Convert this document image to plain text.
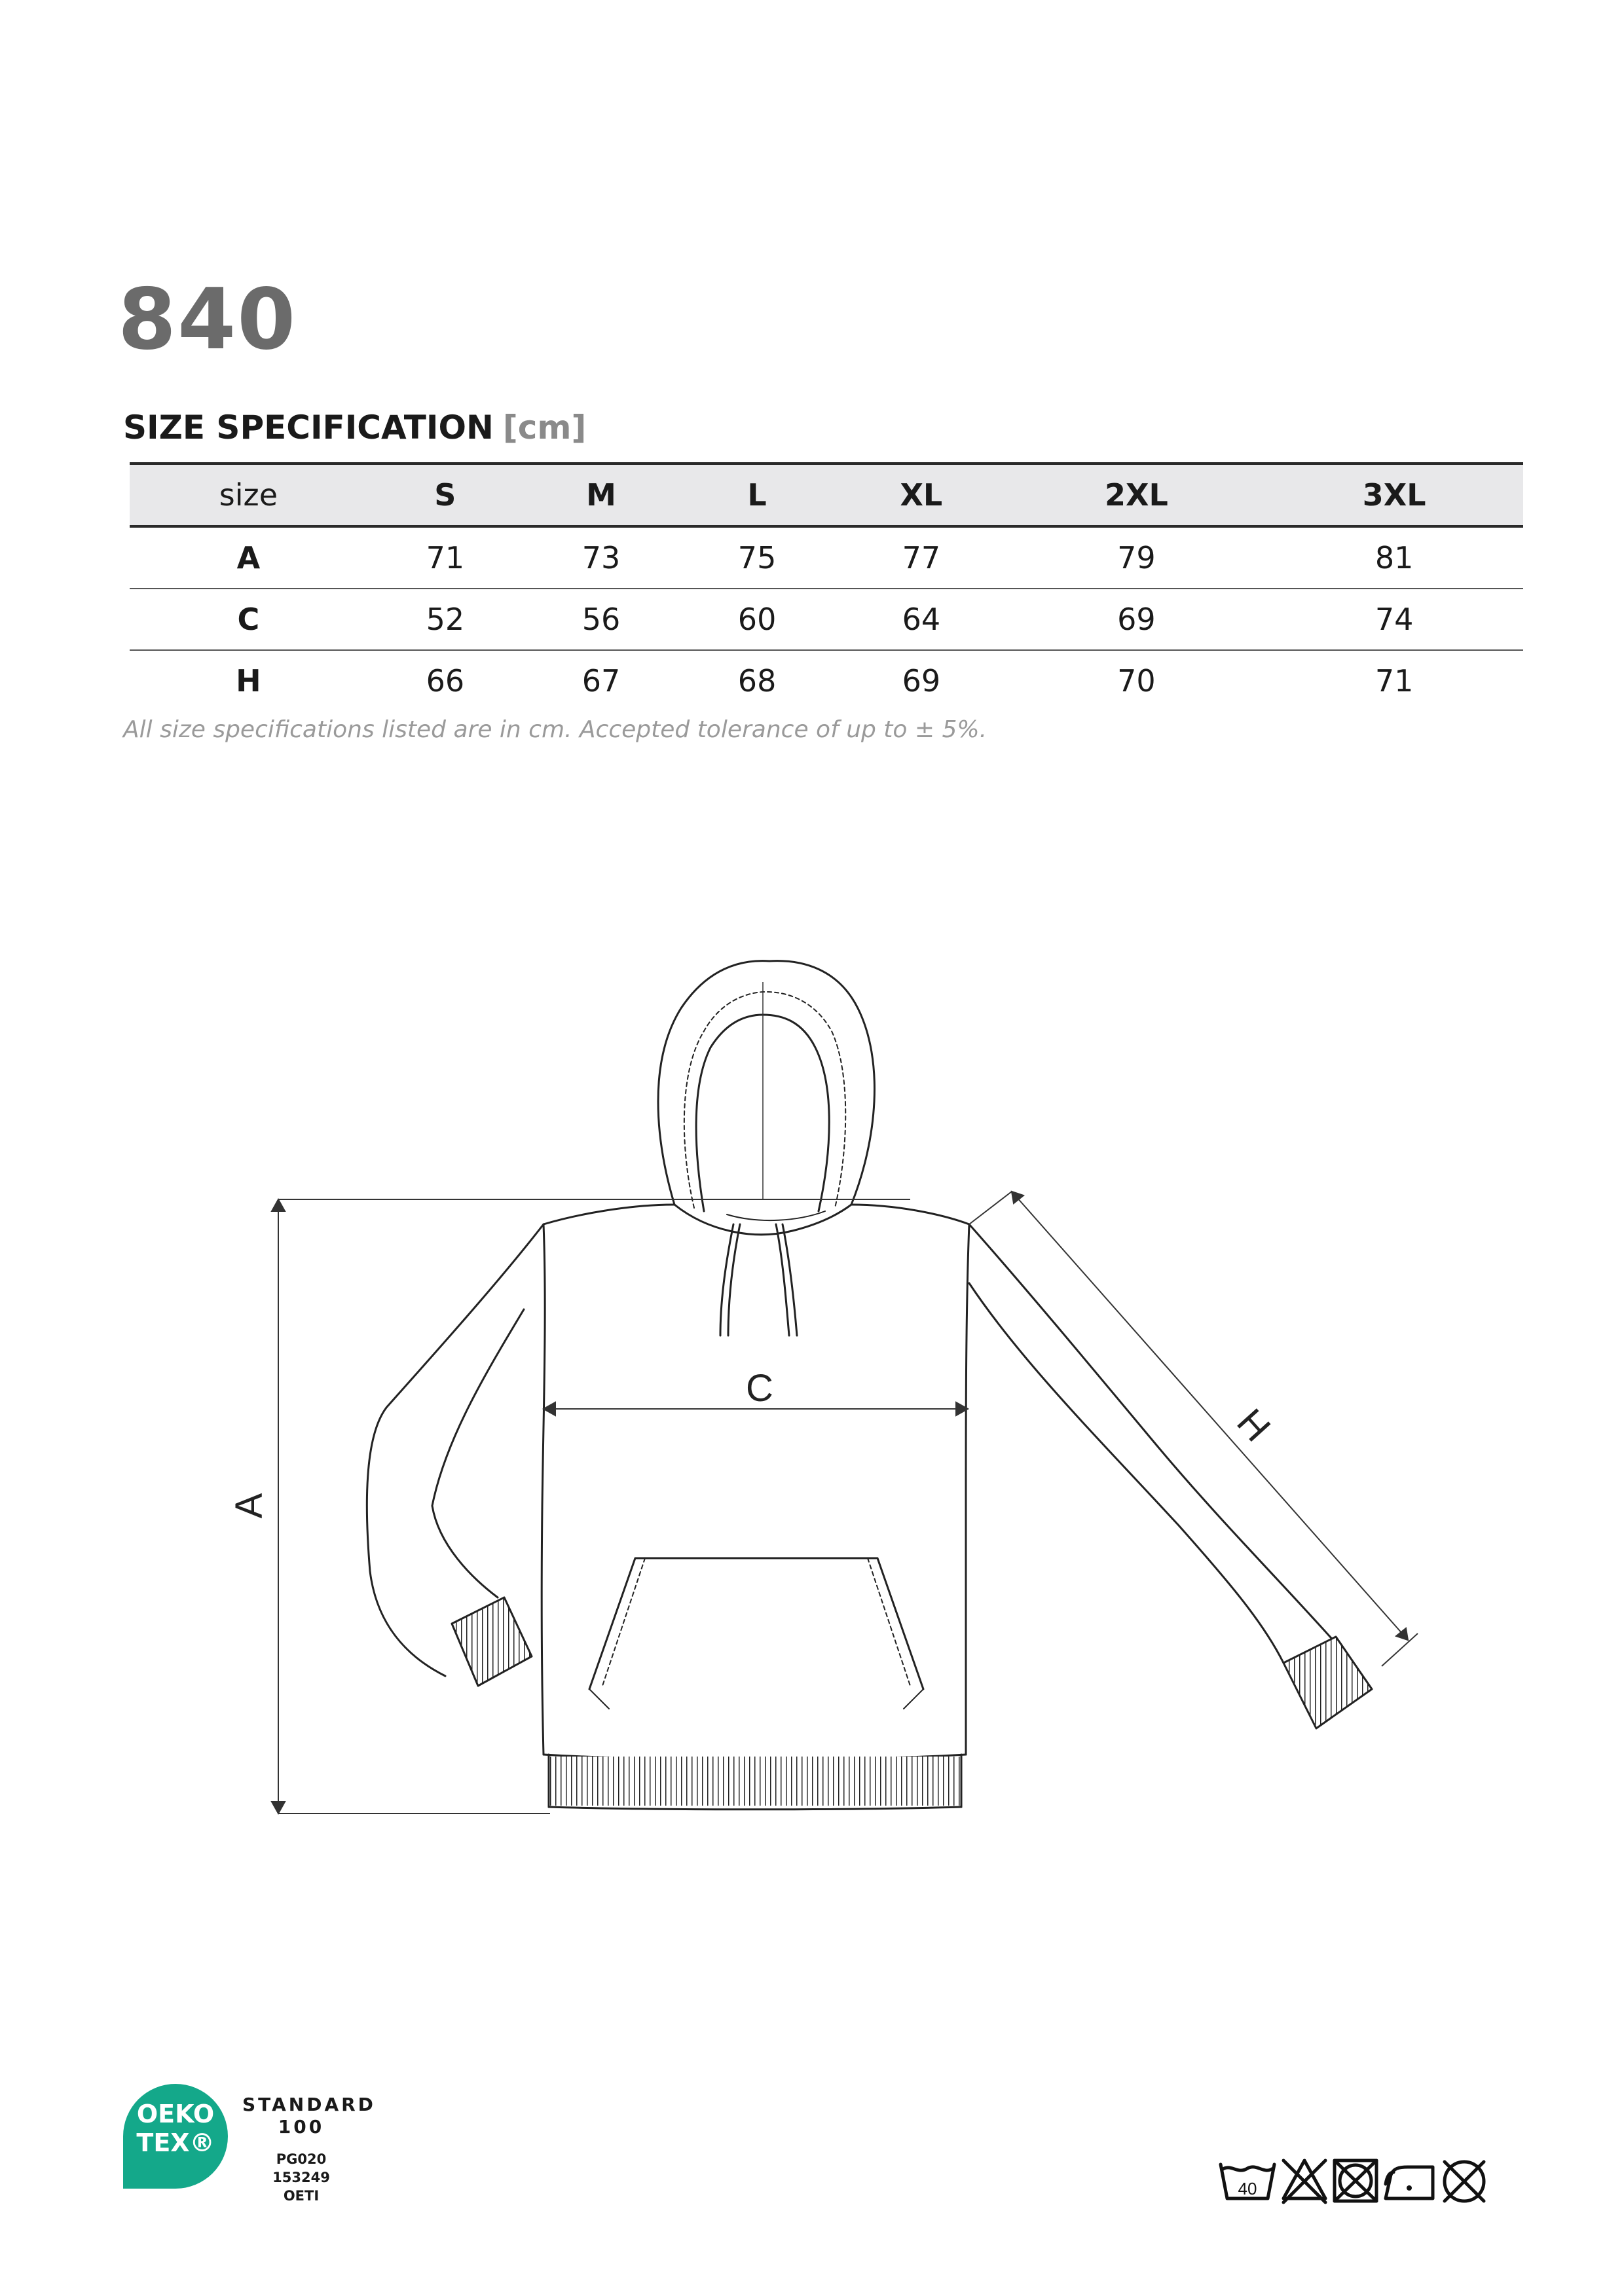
840
SIZE SPECIFICATION [cm]
size	S	M	L	XL	2XL	3XL
A	71	73	75	77	79	81
C	52	56	60	64	69	74
H	66	67	68	69	70	71
All size specifications listed are in cm. Accepted tolerance of up to ± 5%.
A
C
H
OEKO
TEX®
STANDARD
100
PG020 153249
OETI	40
